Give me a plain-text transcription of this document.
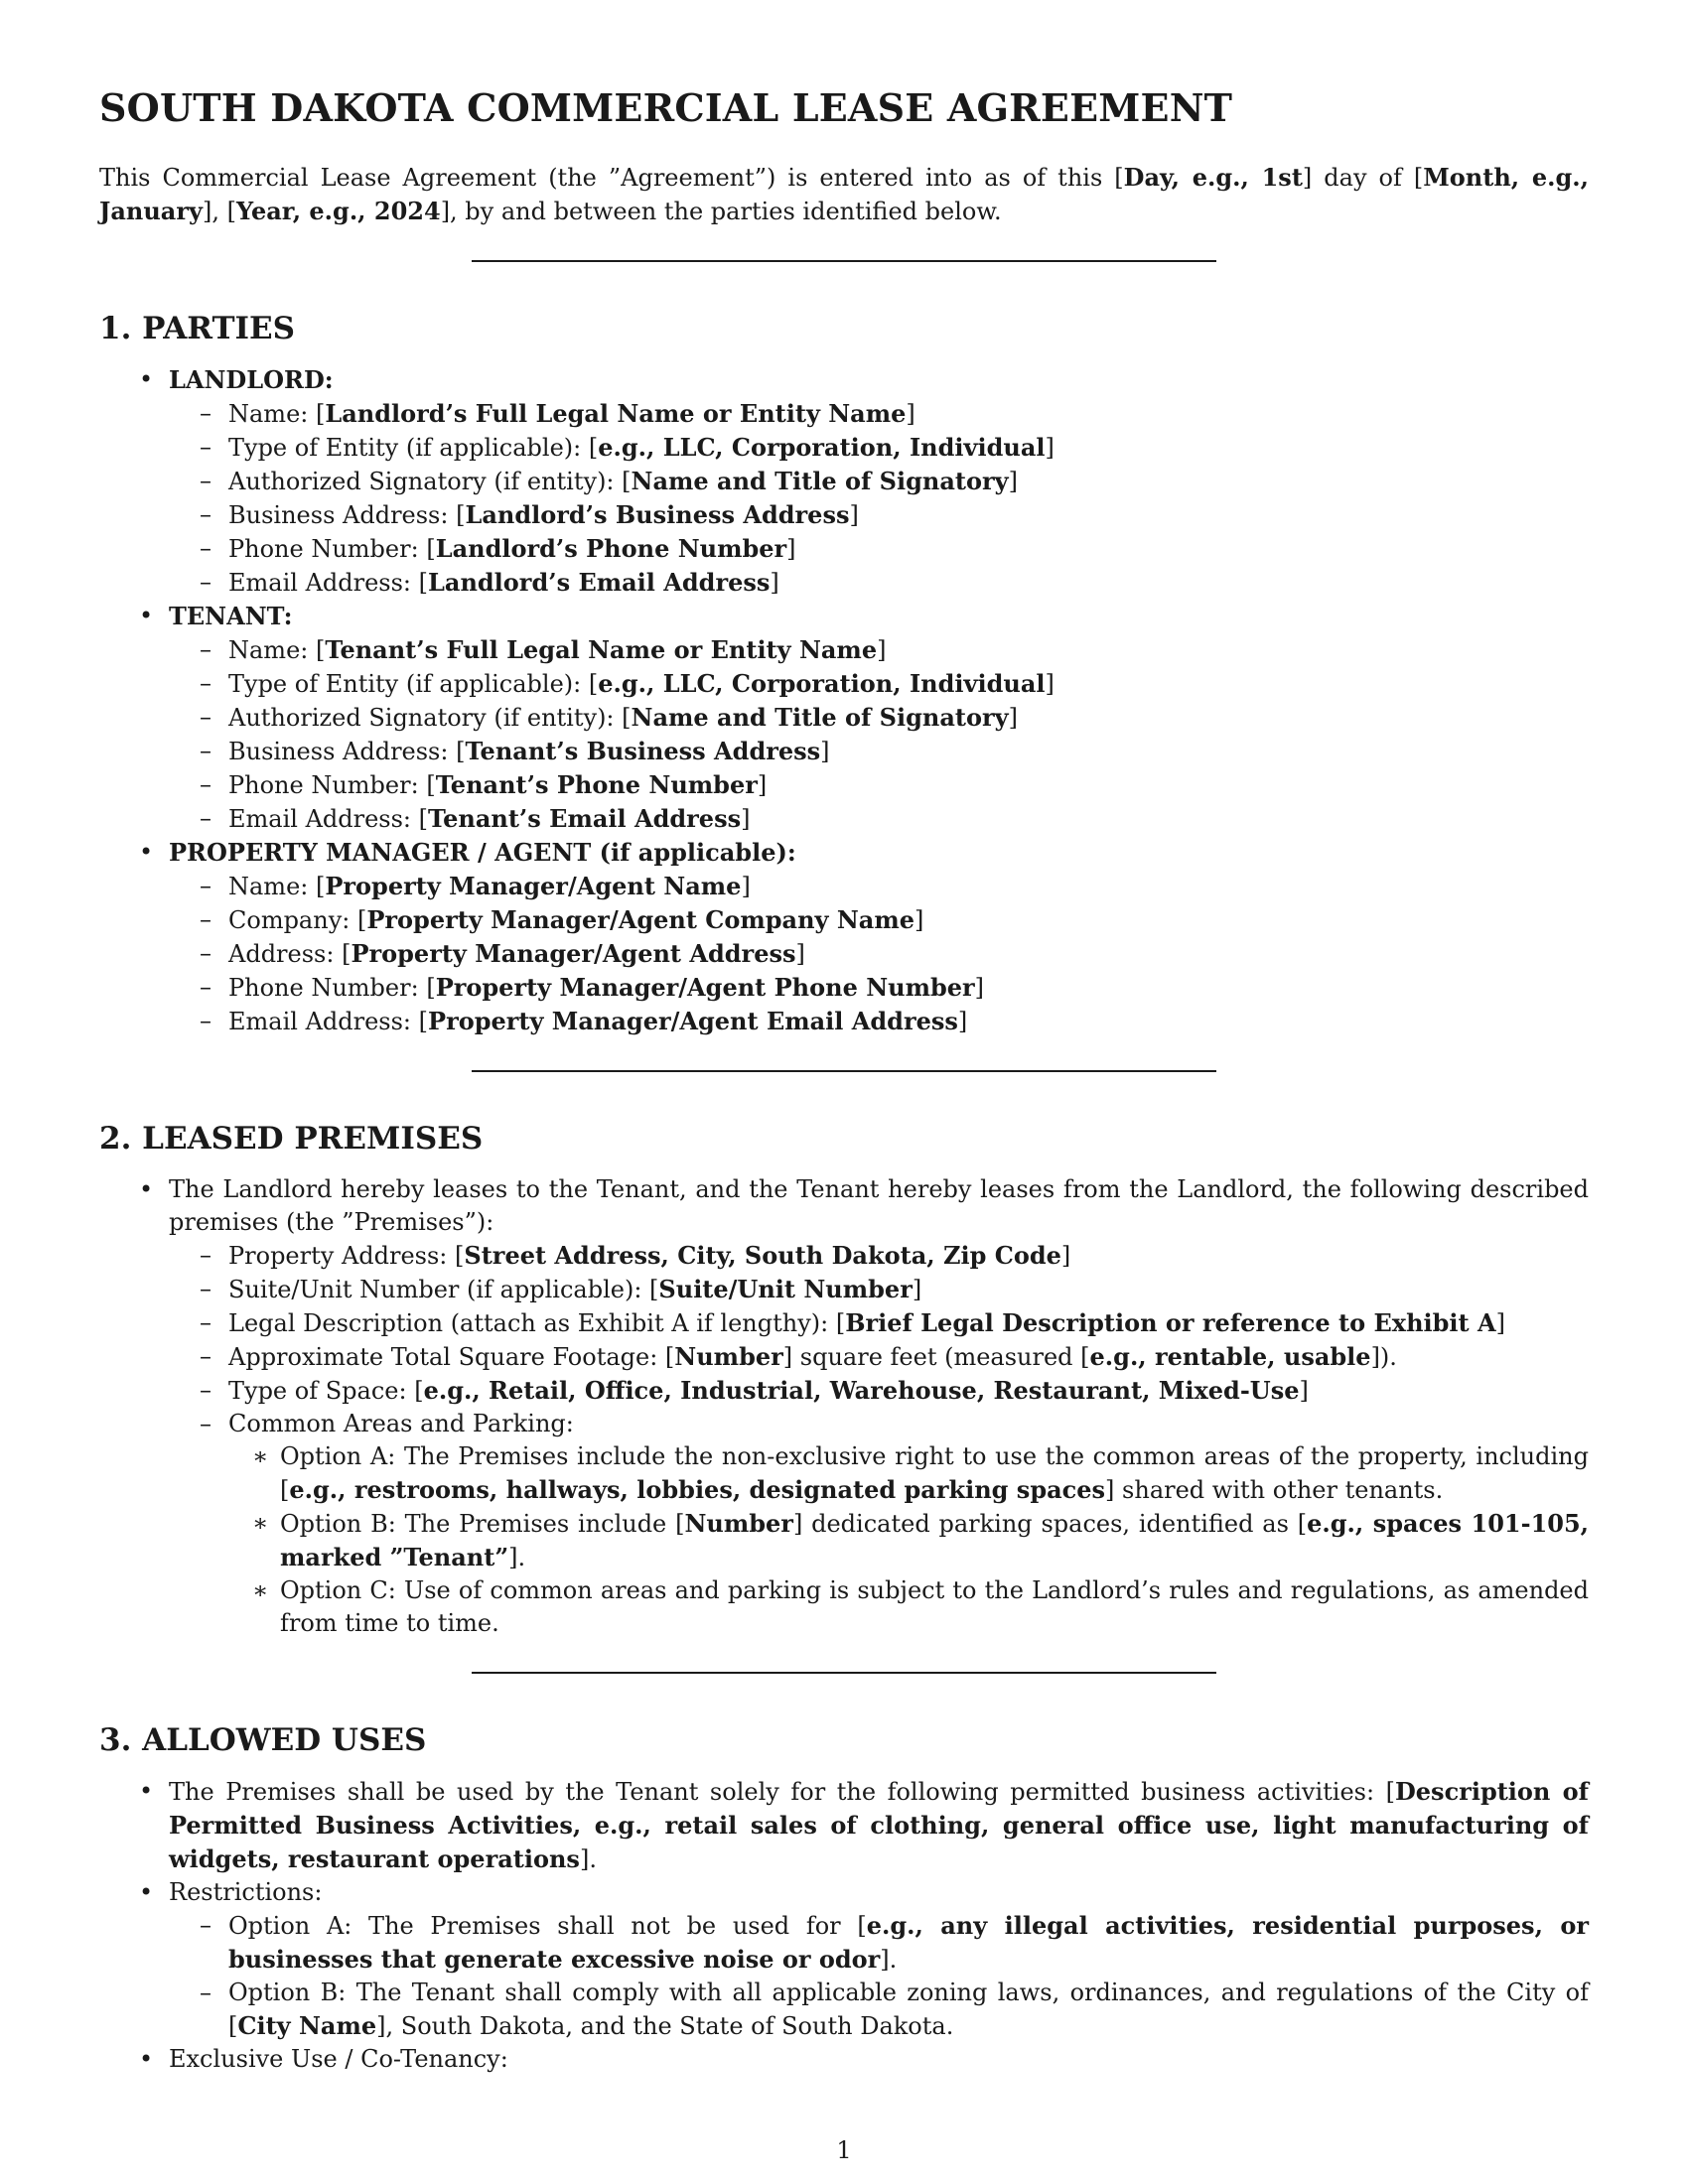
SOUTH DAKOTA COMMERCIAL LEASE AGREEMENT

This Commercial Lease Agreement (the ”Agreement”) is entered into as of this [Day, e.g., 1st] day of [Month, e.g., January], [Year, e.g., 2024], by and between the parties identified below.

1. PARTIES
• LANDLORD:
– Name: [Landlord’s Full Legal Name or Entity Name]
– Type of Entity (if applicable): [e.g., LLC, Corporation, Individual]
– Authorized Signatory (if entity): [Name and Title of Signatory]
– Business Address: [Landlord’s Business Address]
– Phone Number: [Landlord’s Phone Number]
– Email Address: [Landlord’s Email Address]
• TENANT:
– Name: [Tenant’s Full Legal Name or Entity Name]
– Type of Entity (if applicable): [e.g., LLC, Corporation, Individual]
– Authorized Signatory (if entity): [Name and Title of Signatory]
– Business Address: [Tenant’s Business Address]
– Phone Number: [Tenant’s Phone Number]
– Email Address: [Tenant’s Email Address]
• PROPERTY MANAGER / AGENT (if applicable):
– Name: [Property Manager/Agent Name]
– Company: [Property Manager/Agent Company Name]
– Address: [Property Manager/Agent Address]
– Phone Number: [Property Manager/Agent Phone Number]
– Email Address: [Property Manager/Agent Email Address]
2. LEASED PREMISES
• The Landlord hereby leases to the Tenant, and the Tenant hereby leases from the Landlord, the following described premises (the ”Premises”):
– Property Address: [Street Address, City, South Dakota, Zip Code]
– Suite/Unit Number (if applicable): [Suite/Unit Number]
– Legal Description (attach as Exhibit A if lengthy): [Brief Legal Description or reference to Exhibit A]
– Approximate Total Square Footage: [Number] square feet (measured [e.g., rentable, usable]).
– Type of Space: [e.g., Retail, Office, Industrial, Warehouse, Restaurant, Mixed-Use]
– Common Areas and Parking:
∗ Option A: The Premises include the non-exclusive right to use the common areas of the property, including [e.g., restrooms, hallways, lobbies, designated parking spaces] shared with other tenants.
∗ Option B: The Premises include [Number] dedicated parking spaces, identified as [e.g., spaces 101-105, marked ”Tenant”].
∗ Option C: Use of common areas and parking is subject to the Landlord’s rules and regulations, as amended from time to time.
3. ALLOWED USES
• The Premises shall be used by the Tenant solely for the following permitted business activities: [Description of Permitted Business Activities, e.g., retail sales of clothing, general office use, light manufacturing of widgets, restaurant operations].
• Restrictions:
– Option A: The Premises shall not be used for [e.g., any illegal activities, residential purposes, or businesses that generate excessive noise or odor].
– Option B: The Tenant shall comply with all applicable zoning laws, ordinances, and regulations of the City of [City Name], South Dakota, and the State of South Dakota.
• Exclusive Use / Co-Tenancy:
1
